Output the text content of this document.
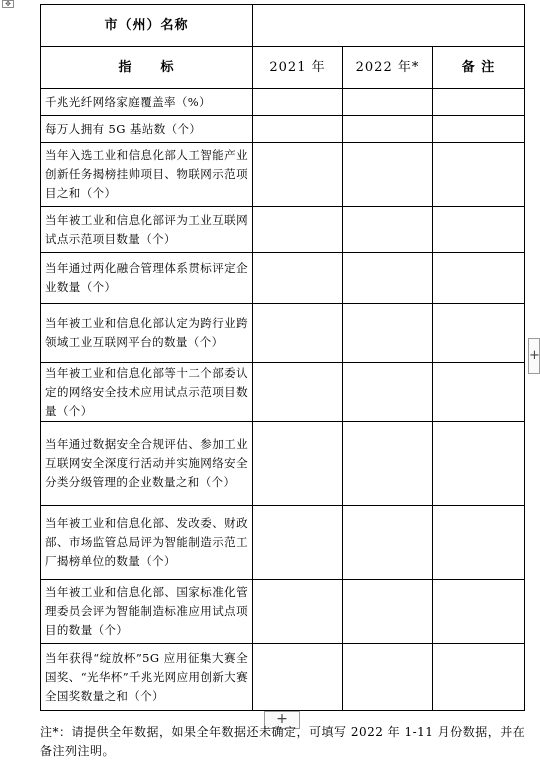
✥
市（州）名称			
指　　标	2021 年	2022 年*	备 注
千兆光纤网络家庭覆盖率（%）			
每万人拥有 5G 基站数（个）			
当年入选工业和信息化部人工智能产业创新任务揭榜挂帅项目、物联网示范项目之和（个）			
当年被工业和信息化部评为工业互联网试点示范项目数量（个）			
当年通过两化融合管理体系贯标评定企业数量（个）			
当年被工业和信息化部认定为跨行业跨领域工业互联网平台的数量（个）			
当年被工业和信息化部等十二个部委认定的网络安全技术应用试点示范项目数量（个）			
当年通过数据安全合规评估、参加工业互联网安全深度行活动并实施网络安全分类分级管理的企业数量之和（个）			
当年被工业和信息化部、发改委、财政部、市场监管总局评为智能制造示范工厂揭榜单位的数量（个）			
当年被工业和信息化部、国家标准化管理委员会评为智能制造标准应用试点项目的数量（个）			
当年获得“绽放杯”5G 应用征集大赛全国奖、“光华杯”千兆光网应用创新大赛全国奖数量之和（个）			
+
+
注*：请提供全年数据，如果全年数据还未确定，可填写 2022 年 1-11 月份数据，并在备注列注明。
